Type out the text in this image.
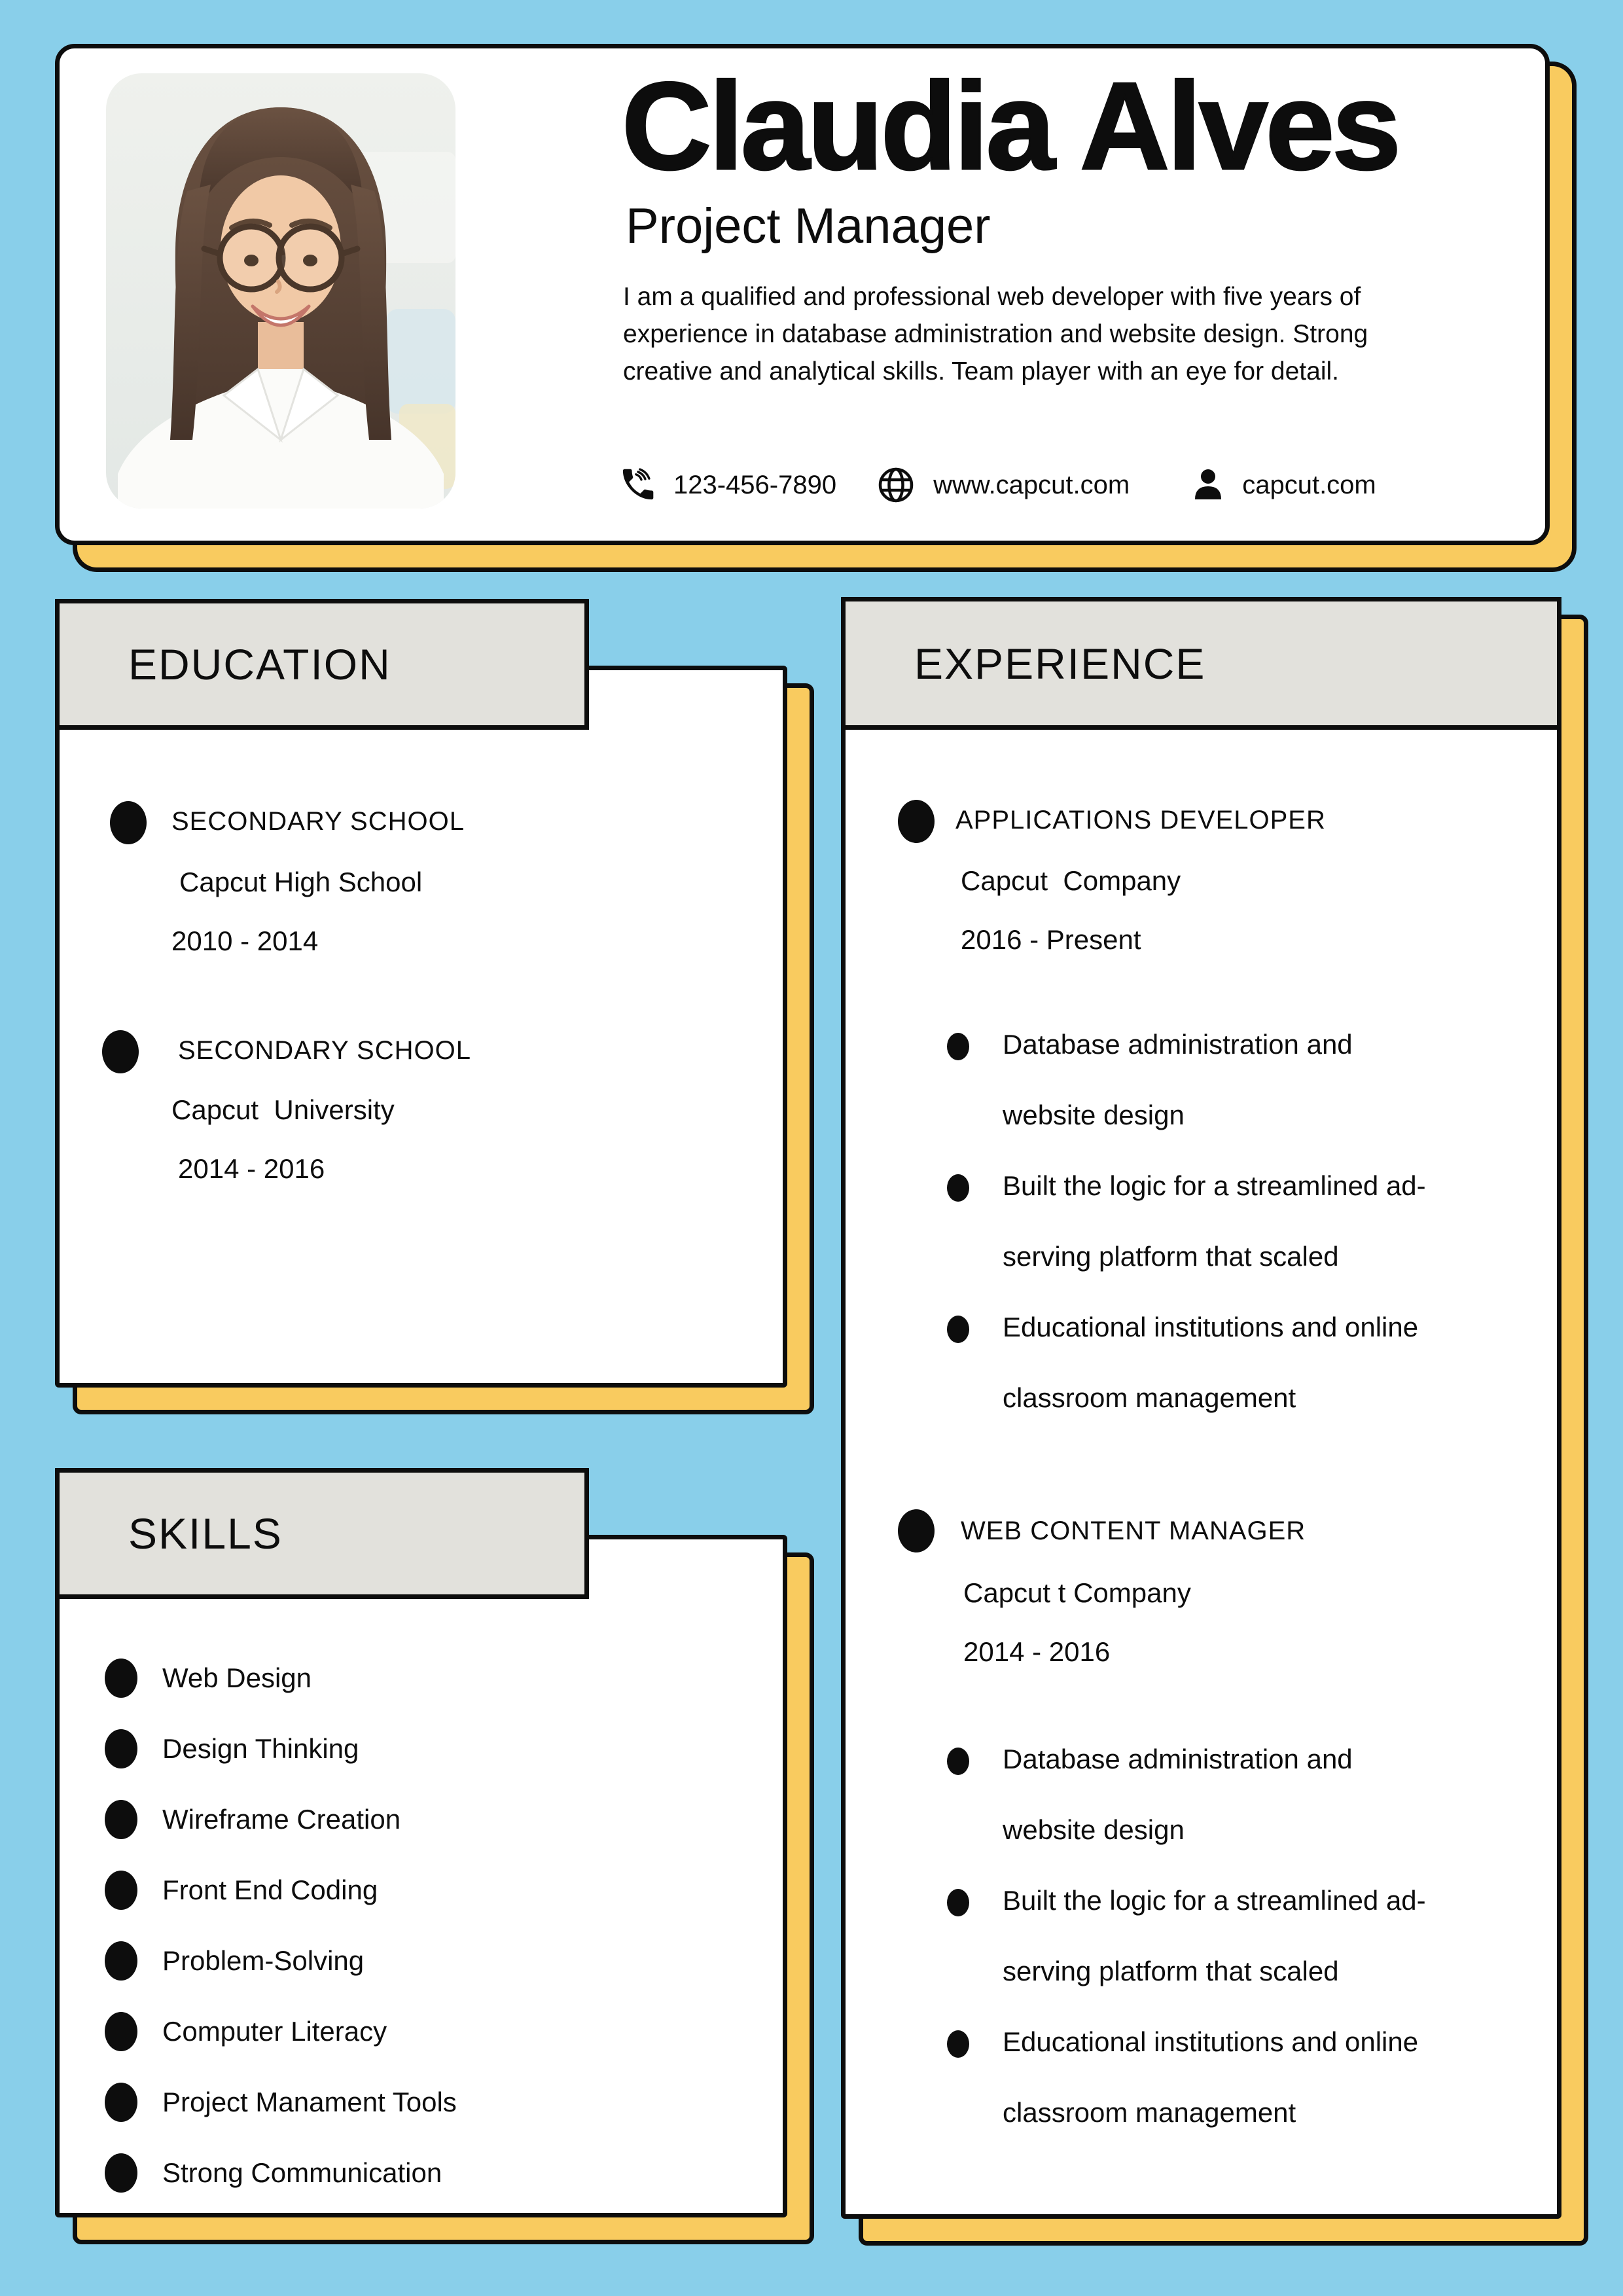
Claudia Alves
Project Manager
I am a qualified and professional web developer with five years of experience in database administration and website design. Strong creative and analytical skills. Team player with an eye for detail.
123-456-7890	www.capcut.com	capcut.com
EDUCATION
SECONDARY SCHOOL
Capcut High School
2010 - 2014
SECONDARY SCHOOL
Capcut  University
2014 - 2016
SKILLS
Web Design
Design Thinking
Wireframe Creation
Front End Coding
Problem-Solving
Computer Literacy
Project Manament Tools
Strong Communication
EXPERIENCE
APPLICATIONS DEVELOPER
Capcut  Company
2016 - Present
Database administration and
website design
Built the logic for a streamlined ad-
serving platform that scaled
Educational institutions and online
classroom management
WEB CONTENT MANAGER
Capcut t Company
2014 - 2016
Database administration and
website design
Built the logic for a streamlined ad-
serving platform that scaled
Educational institutions and online
classroom management
